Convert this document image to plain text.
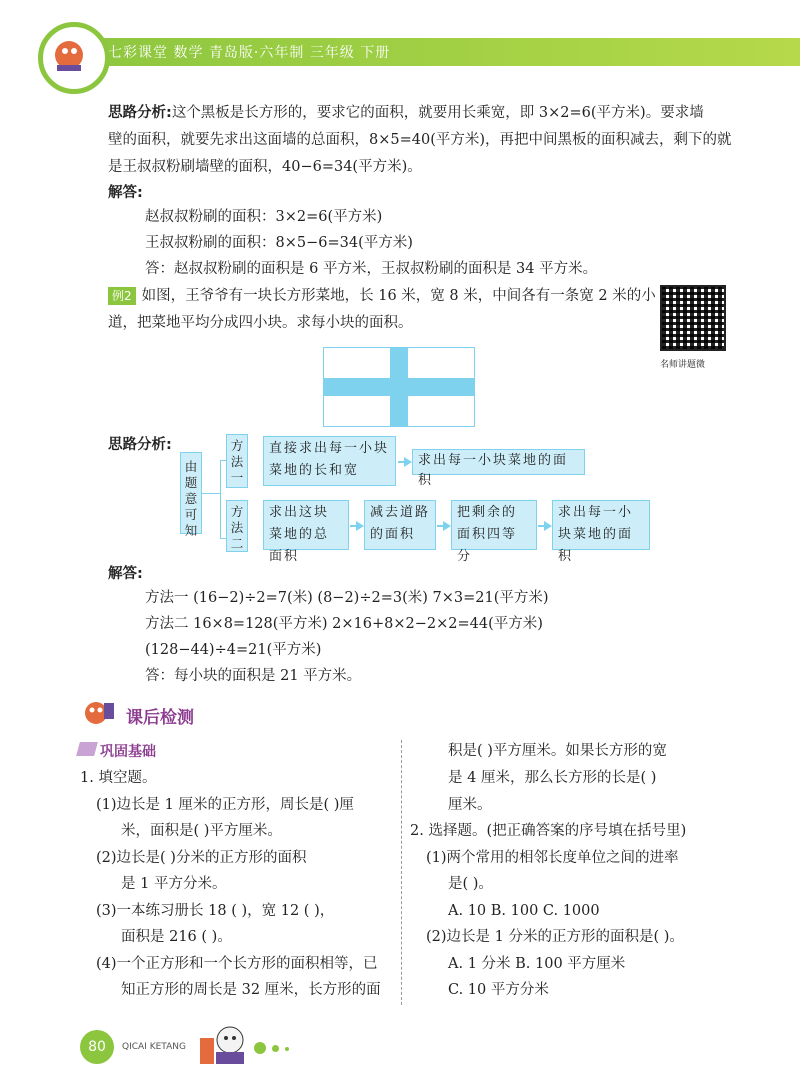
七彩课堂 数学 青岛版·六年制 三年级 下册
思路分析:这个黑板是长方形的，要求它的面积，就要用长乘宽，即 3×2=6(平方米)。要求墙
壁的面积，就要先求出这面墙的总面积，8×5=40(平方米)，再把中间黑板的面积减去，剩下的就
是王叔叔粉刷墙壁的面积，40−6=34(平方米)。
解答:
赵叔叔粉刷的面积：3×2=6(平方米)
王叔叔粉刷的面积：8×5−6=34(平方米)
答：赵叔叔粉刷的面积是 6 平方米，王叔叔粉刷的面积是 34 平方米。
例2 如图，王爷爷有一块长方形菜地，长 16 米，宽 8 米，中间各有一条宽 2 米的小
道，把菜地平均分成四小块。求每小块的面积。
名师讲题微
思路分析:
由题意可知
方法一
方法二
直接求出每一小块菜地的长和宽
求出每一小块菜地的面积
求出这块菜地的总面积
减去道路的面积
把剩余的面积四等分
求出每一小块菜地的面积
解答:
方法一 (16−2)÷2=7(米) (8−2)÷2=3(米) 7×3=21(平方米)
方法二 16×8=128(平方米) 2×16+8×2−2×2=44(平方米)
(128−44)÷4=21(平方米)
答：每小块的面积是 21 平方米。
课后检测
巩固基础
1. 填空题。
(1)边长是 1 厘米的正方形，周长是( )厘
米，面积是( )平方厘米。
(2)边长是( )分米的正方形的面积
是 1 平方分米。
(3)一本练习册长 18 ( )，宽 12 ( )，
面积是 216 ( )。
(4)一个正方形和一个长方形的面积相等，已
知正方形的周长是 32 厘米，长方形的面
积是( )平方厘米。如果长方形的宽
是 4 厘米，那么长方形的长是( )
厘米。
2. 选择题。(把正确答案的序号填在括号里)
(1)两个常用的相邻长度单位之间的进率
是( )。
A. 10 B. 100 C. 1000
(2)边长是 1 分米的正方形的面积是( )。
A. 1 分米 B. 100 平方厘米
C. 10 平方分米
80	QICAI KETANG
